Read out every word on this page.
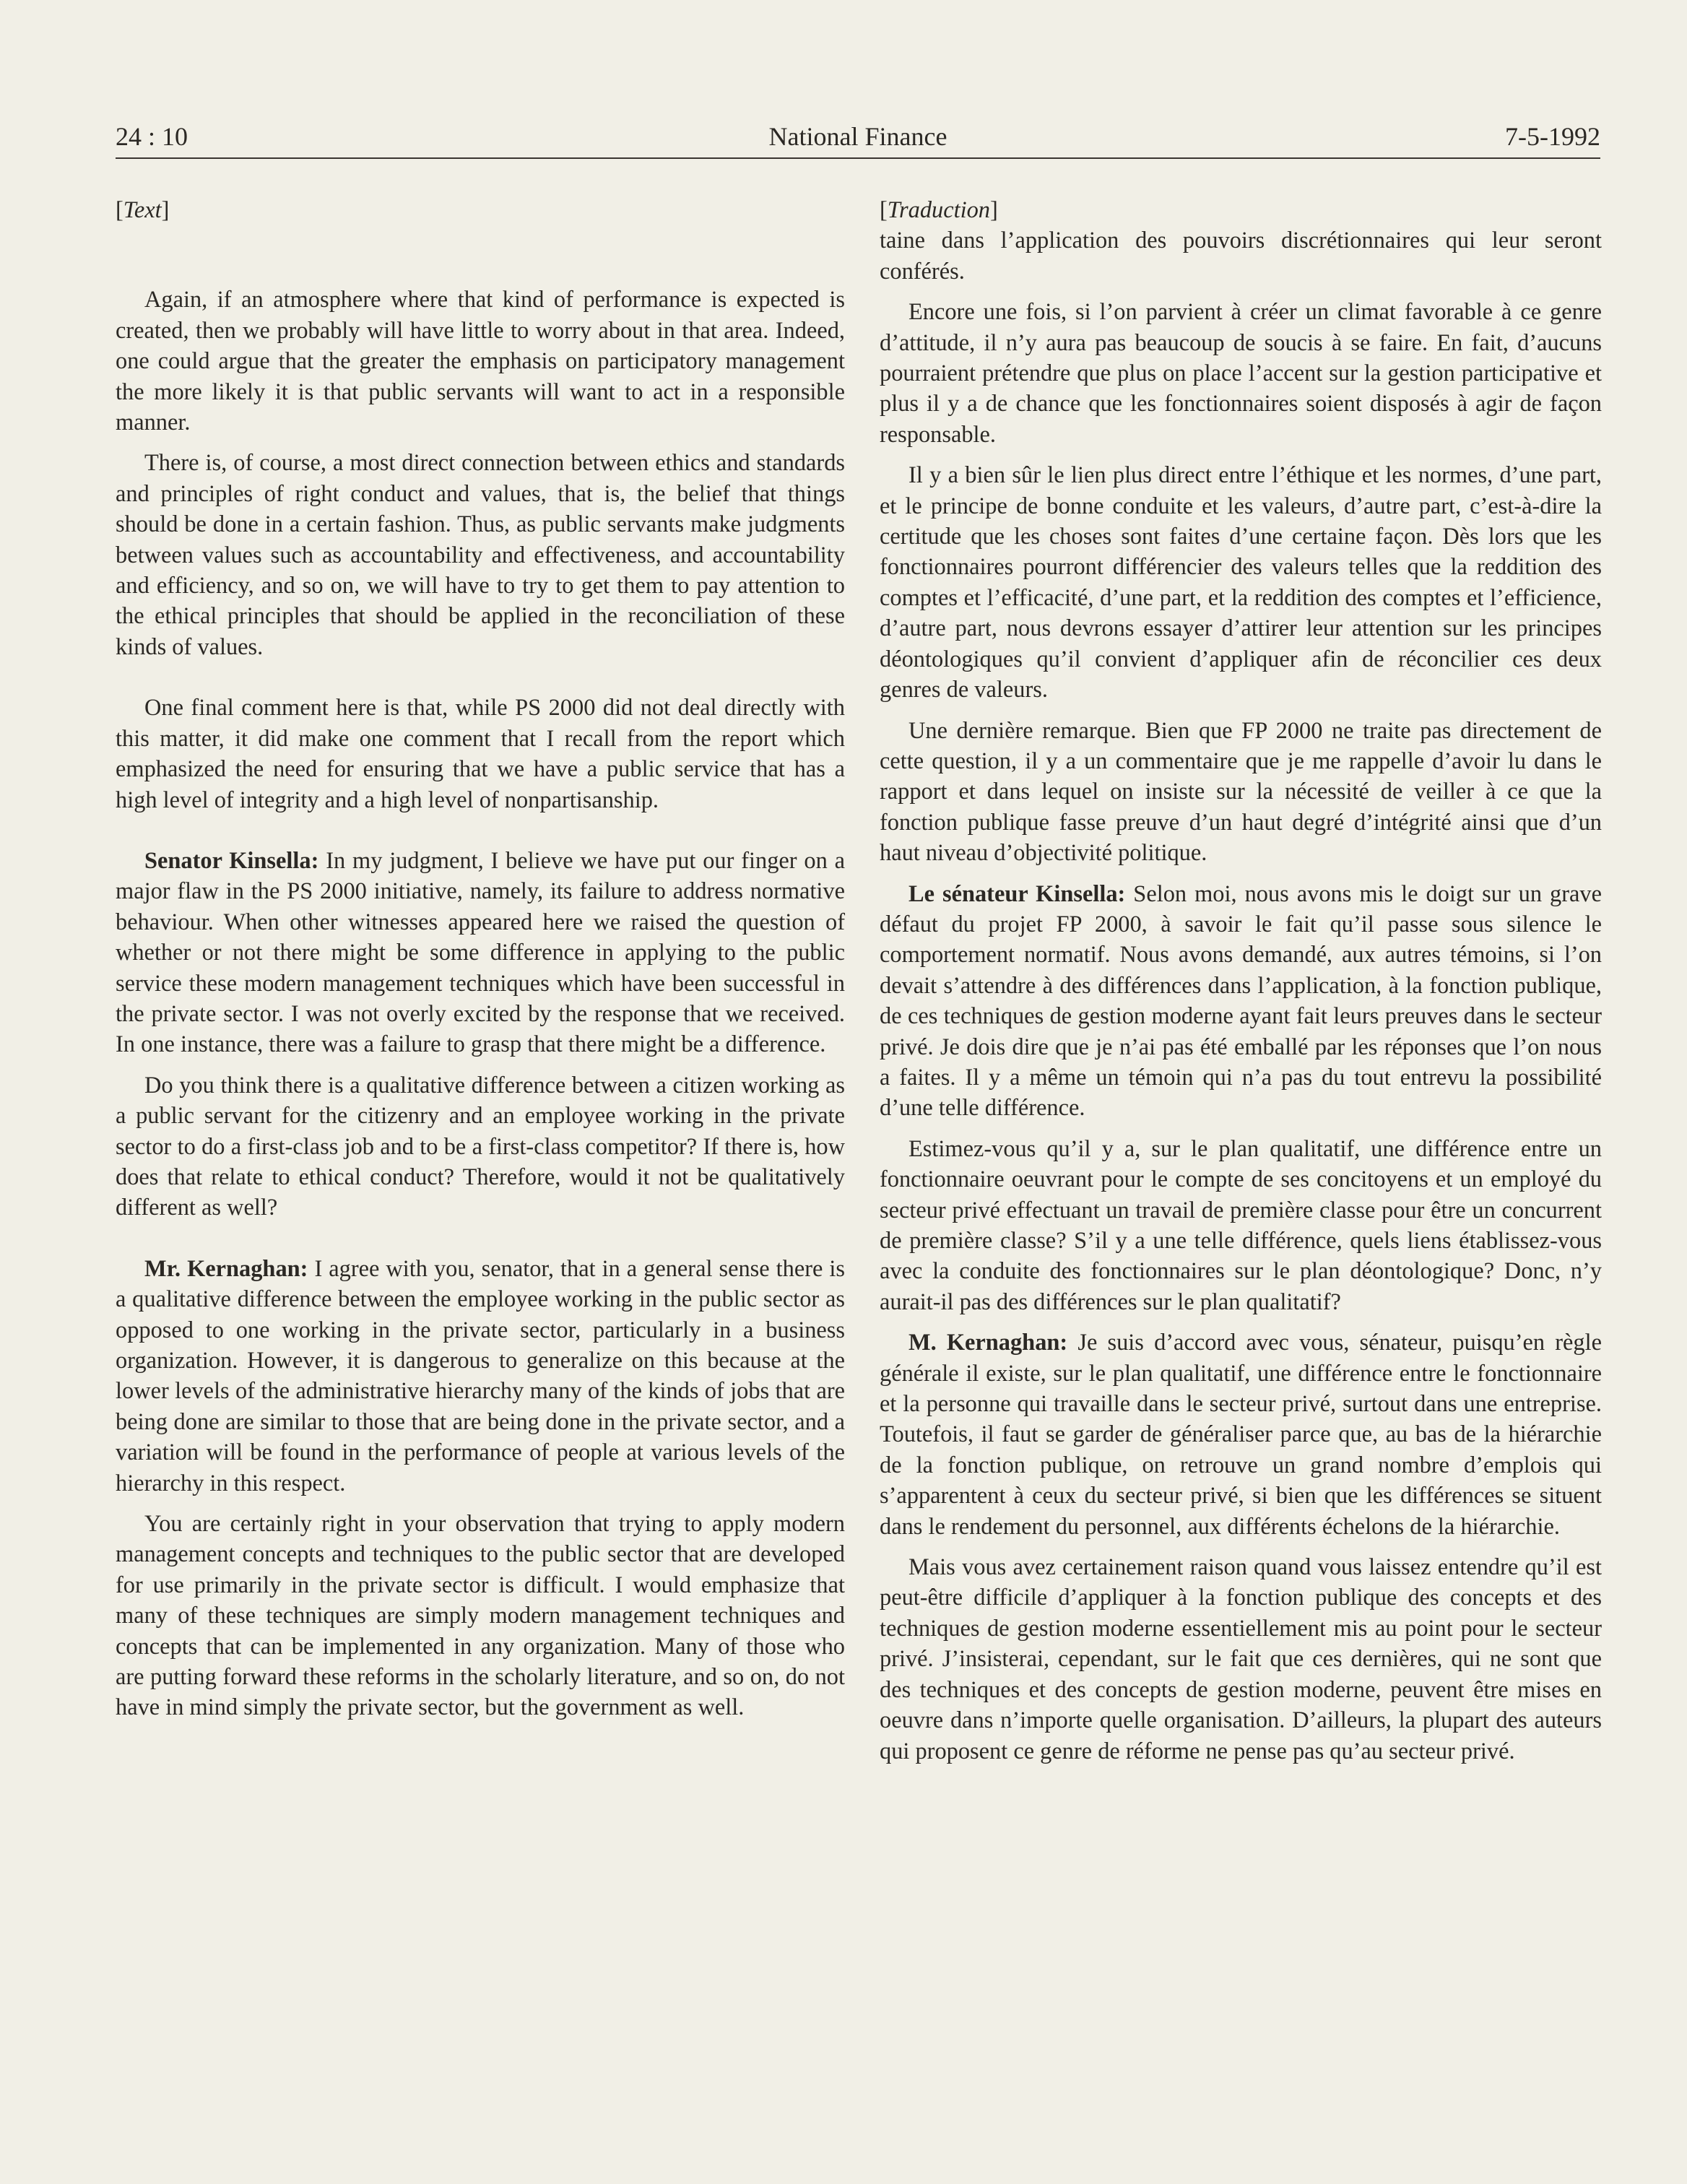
24 : 10	National Finance	7-5-1992
[Text]

Again, if an atmosphere where that kind of performance is expected is created, then we probably will have little to worry about in that area. Indeed, one could argue that the greater the emphasis on participatory management the more likely it is that public servants will want to act in a responsible manner.

There is, of course, a most direct connection between ethics and standards and principles of right conduct and values, that is, the belief that things should be done in a certain fashion. Thus, as public servants make judgments between values such as accountability and effectiveness, and accountability and efficiency, and so on, we will have to try to get them to pay attention to the ethical principles that should be applied in the reconciliation of these kinds of values.

One final comment here is that, while PS 2000 did not deal directly with this matter, it did make one comment that I recall from the report which emphasized the need for ensuring that we have a public service that has a high level of integrity and a high level of nonpartisanship.

Senator Kinsella: In my judgment, I believe we have put our finger on a major flaw in the PS 2000 initiative, namely, its failure to address normative behaviour. When other witnesses appeared here we raised the question of whether or not there might be some difference in applying to the public service these modern management techniques which have been successful in the private sector. I was not overly excited by the response that we received. In one instance, there was a failure to grasp that there might be a difference.

Do you think there is a qualitative difference between a citizen working as a public servant for the citizenry and an employee working in the private sector to do a first-class job and to be a first-class competitor? If there is, how does that relate to ethical conduct? Therefore, would it not be qualitatively different as well?

Mr. Kernaghan: I agree with you, senator, that in a general sense there is a qualitative difference between the employee working in the public sector as opposed to one working in the private sector, particularly in a business organization. However, it is dangerous to generalize on this because at the lower levels of the administrative hierarchy many of the kinds of jobs that are being done are similar to those that are being done in the private sector, and a variation will be found in the performance of people at various levels of the hierarchy in this respect.

You are certainly right in your observation that trying to apply modern management concepts and techniques to the public sector that are developed for use primarily in the private sector is difficult. I would emphasize that many of these techniques are simply modern management techniques and concepts that can be implemented in any organization. Many of those who are putting forward these reforms in the scholarly literature, and so on, do not have in mind simply the private sector, but the government as well.

[Traduction]

taine dans l’application des pouvoirs discrétionnaires qui leur seront conférés.

Encore une fois, si l’on parvient à créer un climat favorable à ce genre d’attitude, il n’y aura pas beaucoup de soucis à se faire. En fait, d’aucuns pourraient prétendre que plus on place l’accent sur la gestion participative et plus il y a de chance que les fonctionnaires soient disposés à agir de façon responsable.

Il y a bien sûr le lien plus direct entre l’éthique et les normes, d’une part, et le principe de bonne conduite et les valeurs, d’autre part, c’est-à-dire la certitude que les choses sont faites d’une certaine façon. Dès lors que les fonctionnaires pourront différencier des valeurs telles que la reddition des comptes et l’efficacité, d’une part, et la reddition des comptes et l’efficience, d’autre part, nous devrons essayer d’attirer leur attention sur les principes déontologiques qu’il convient d’appliquer afin de réconcilier ces deux genres de valeurs.

Une dernière remarque. Bien que FP 2000 ne traite pas directement de cette question, il y a un commentaire que je me rappelle d’avoir lu dans le rapport et dans lequel on insiste sur la nécessité de veiller à ce que la fonction publique fasse preuve d’un haut degré d’intégrité ainsi que d’un haut niveau d’objectivité politique.

Le sénateur Kinsella: Selon moi, nous avons mis le doigt sur un grave défaut du projet FP 2000, à savoir le fait qu’il passe sous silence le comportement normatif. Nous avons demandé, aux autres témoins, si l’on devait s’attendre à des différences dans l’application, à la fonction publique, de ces techniques de gestion moderne ayant fait leurs preuves dans le secteur privé. Je dois dire que je n’ai pas été emballé par les réponses que l’on nous a faites. Il y a même un témoin qui n’a pas du tout entrevu la possibilité d’une telle différence.

Estimez-vous qu’il y a, sur le plan qualitatif, une différence entre un fonctionnaire oeuvrant pour le compte de ses concitoyens et un employé du secteur privé effectuant un travail de première classe pour être un concurrent de première classe? S’il y a une telle différence, quels liens établissez-vous avec la conduite des fonctionnaires sur le plan déontologique? Donc, n’y aurait-il pas des différences sur le plan qualitatif?

M. Kernaghan: Je suis d’accord avec vous, sénateur, puisqu’en règle générale il existe, sur le plan qualitatif, une différence entre le fonctionnaire et la personne qui travaille dans le secteur privé, surtout dans une entreprise. Toutefois, il faut se garder de généraliser parce que, au bas de la hiérarchie de la fonction publique, on retrouve un grand nombre d’emplois qui s’apparentent à ceux du secteur privé, si bien que les différences se situent dans le rendement du personnel, aux différents échelons de la hiérarchie.

Mais vous avez certainement raison quand vous laissez entendre qu’il est peut-être difficile d’appliquer à la fonction publique des concepts et des techniques de gestion moderne essentiellement mis au point pour le secteur privé. J’insisterai, cependant, sur le fait que ces dernières, qui ne sont que des techniques et des concepts de gestion moderne, peuvent être mises en oeuvre dans n’importe quelle organisation. D’ailleurs, la plupart des auteurs qui proposent ce genre de réforme ne pense pas qu’au secteur privé.
